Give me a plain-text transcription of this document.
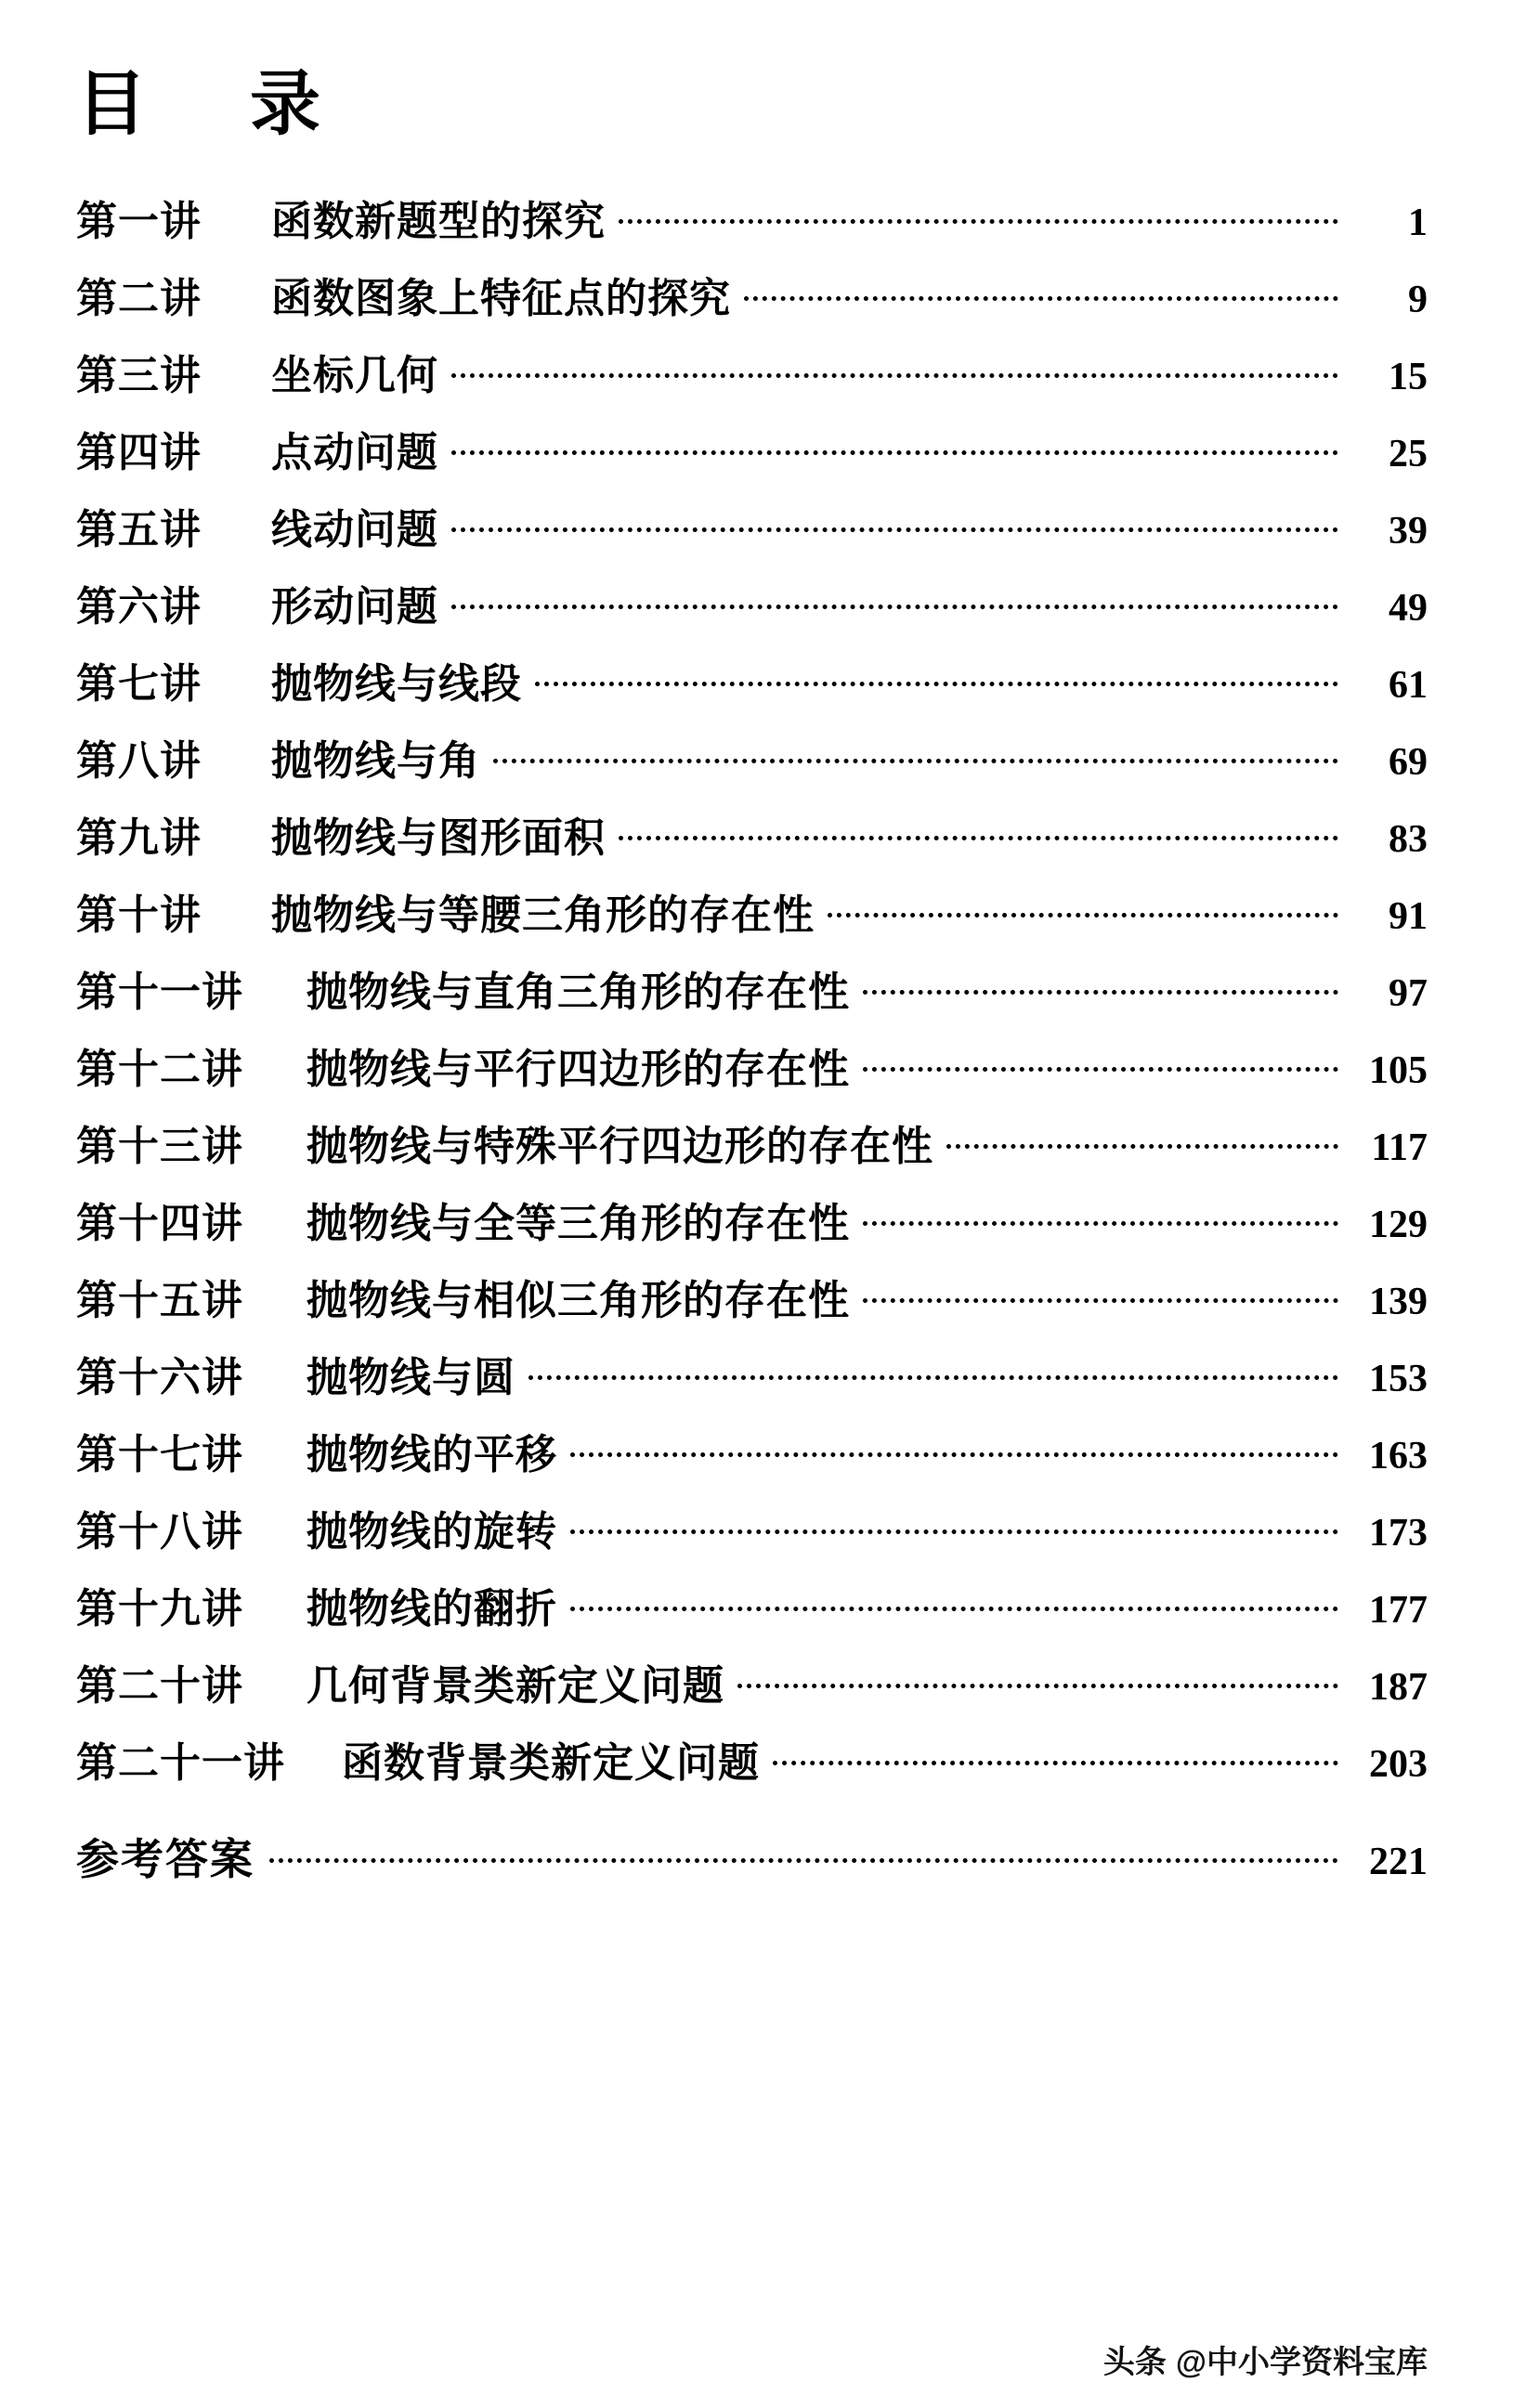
目 录
第一讲	函数新题型的探究	1
第二讲	函数图象上特征点的探究	9
第三讲	坐标几何	15
第四讲	点动问题	25
第五讲	线动问题	39
第六讲	形动问题	49
第七讲	抛物线与线段	61
第八讲	抛物线与角	69
第九讲	抛物线与图形面积	83
第十讲	抛物线与等腰三角形的存在性	91
第十一讲	抛物线与直角三角形的存在性	97
第十二讲	抛物线与平行四边形的存在性	105
第十三讲	抛物线与特殊平行四边形的存在性	117
第十四讲	抛物线与全等三角形的存在性	129
第十五讲	抛物线与相似三角形的存在性	139
第十六讲	抛物线与圆	153
第十七讲	抛物线的平移	163
第十八讲	抛物线的旋转	173
第十九讲	抛物线的翻折	177
第二十讲	几何背景类新定义问题	187
第二十一讲	函数背景类新定义问题	203
参考答案	221
头条 @中小学资料宝库
